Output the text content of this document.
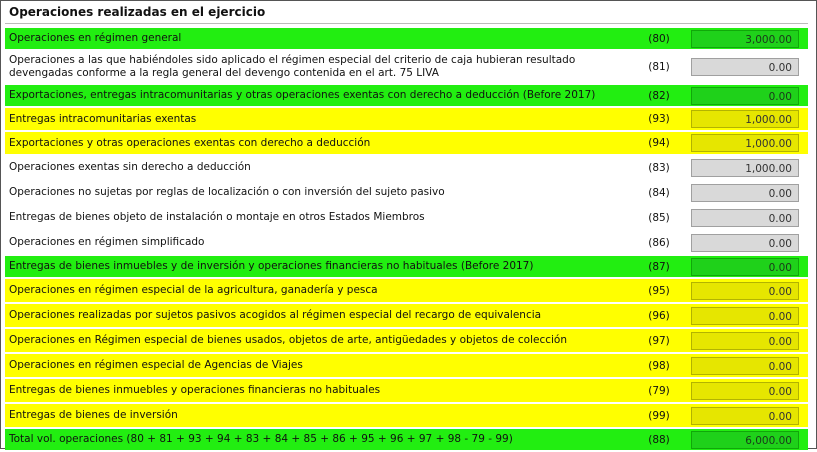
Operaciones realizadas en el ejercicio
Operaciones en régimen general	(80)	3,000.00
Operaciones a las que habiéndoles sido aplicado el régimen especial del criterio de caja hubieran resultado devengadas conforme a la regla general del devengo contenida en el art. 75 LIVA	(81)	0.00
Exportaciones, entregas intracomunitarias y otras operaciones exentas con derecho a deducción (Before 2017)	(82)	0.00
Entregas intracomunitarias exentas	(93)	1,000.00
Exportaciones y otras operaciones exentas con derecho a deducción	(94)	1,000.00
Operaciones exentas sin derecho a deducción	(83)	1,000.00
Operaciones no sujetas por reglas de localización o con inversión del sujeto pasivo	(84)	0.00
Entregas de bienes objeto de instalación o montaje en otros Estados Miembros	(85)	0.00
Operaciones en régimen simplificado	(86)	0.00
Entregas de bienes inmuebles y de inversión y operaciones financieras no habituales (Before 2017)	(87)	0.00
Operaciones en régimen especial de la agricultura, ganadería y pesca	(95)	0.00
Operaciones realizadas por sujetos pasivos acogidos al régimen especial del recargo de equivalencia	(96)	0.00
Operaciones en Régimen especial de bienes usados, objetos de arte, antigüedades y objetos de colección	(97)	0.00
Operaciones en régimen especial de Agencias de Viajes	(98)	0.00
Entregas de bienes inmuebles y operaciones financieras no habituales	(79)	0.00
Entregas de bienes de inversión	(99)	0.00
Total vol. operaciones (80 + 81 + 93 + 94 + 83 + 84 + 85 + 86 + 95 + 96 + 97 + 98 - 79 - 99)	(88)	6,000.00
